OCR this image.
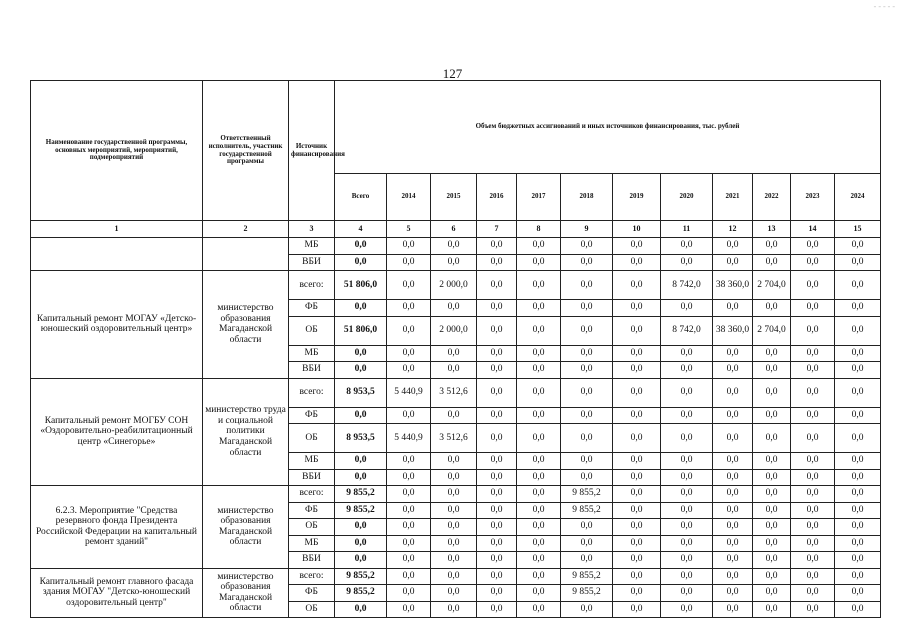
- - - - -
127
Наименование государственной программы, основных мероприятий, мероприятий, подмероприятий	Ответственный исполнитель, участник государственной программы	Источник финансирования	Объем бюджетных ассигнований и иных источников финансирования, тыс. рублей											
			Всего	2014	2015	2016	2017	2018	2019	2020	2021	2022	2023	2024
1	2	3	4	5	6	7	8	9	10	11	12	13	14	15
		МБ	0,0	0,0	0,0	0,0	0,0	0,0	0,0	0,0	0,0	0,0	0,0	0,0
		ВБИ	0,0	0,0	0,0	0,0	0,0	0,0	0,0	0,0	0,0	0,0	0,0	0,0
Капитальный ремонт МОГАУ «Детско-юношеский оздоровительный центр»	министерство образования Магаданской области	всего:	51 806,0	0,0	2 000,0	0,0	0,0	0,0	0,0	8 742,0	38 360,0	2 704,0	0,0	0,0
		ФБ	0,0	0,0	0,0	0,0	0,0	0,0	0,0	0,0	0,0	0,0	0,0	0,0
		ОБ	51 806,0	0,0	2 000,0	0,0	0,0	0,0	0,0	8 742,0	38 360,0	2 704,0	0,0	0,0
		МБ	0,0	0,0	0,0	0,0	0,0	0,0	0,0	0,0	0,0	0,0	0,0	0,0
		ВБИ	0,0	0,0	0,0	0,0	0,0	0,0	0,0	0,0	0,0	0,0	0,0	0,0
Капитальный ремонт МОГБУ СОН «Оздоровительно-реабилитационный центр «Синегорье»	министерство труда и социальной политики Магаданской области	всего:	8 953,5	5 440,9	3 512,6	0,0	0,0	0,0	0,0	0,0	0,0	0,0	0,0	0,0
		ФБ	0,0	0,0	0,0	0,0	0,0	0,0	0,0	0,0	0,0	0,0	0,0	0,0
		ОБ	8 953,5	5 440,9	3 512,6	0,0	0,0	0,0	0,0	0,0	0,0	0,0	0,0	0,0
		МБ	0,0	0,0	0,0	0,0	0,0	0,0	0,0	0,0	0,0	0,0	0,0	0,0
		ВБИ	0,0	0,0	0,0	0,0	0,0	0,0	0,0	0,0	0,0	0,0	0,0	0,0
6.2.3. Мероприятие "Средства резервного фонда Президента Российской Федерации на капитальный ремонт зданий"	министерство образования Магаданской области	всего:	9 855,2	0,0	0,0	0,0	0,0	9 855,2	0,0	0,0	0,0	0,0	0,0	0,0
		ФБ	9 855,2	0,0	0,0	0,0	0,0	9 855,2	0,0	0,0	0,0	0,0	0,0	0,0
		ОБ	0,0	0,0	0,0	0,0	0,0	0,0	0,0	0,0	0,0	0,0	0,0	0,0
		МБ	0,0	0,0	0,0	0,0	0,0	0,0	0,0	0,0	0,0	0,0	0,0	0,0
		ВБИ	0,0	0,0	0,0	0,0	0,0	0,0	0,0	0,0	0,0	0,0	0,0	0,0
Капитальный ремонт главного фасада здания МОГАУ "Детско-юношеский оздоровительный центр"	министерство образования Магаданской области	всего:	9 855,2	0,0	0,0	0,0	0,0	9 855,2	0,0	0,0	0,0	0,0	0,0	0,0
		ФБ	9 855,2	0,0	0,0	0,0	0,0	9 855,2	0,0	0,0	0,0	0,0	0,0	0,0
		ОБ	0,0	0,0	0,0	0,0	0,0	0,0	0,0	0,0	0,0	0,0	0,0	0,0
